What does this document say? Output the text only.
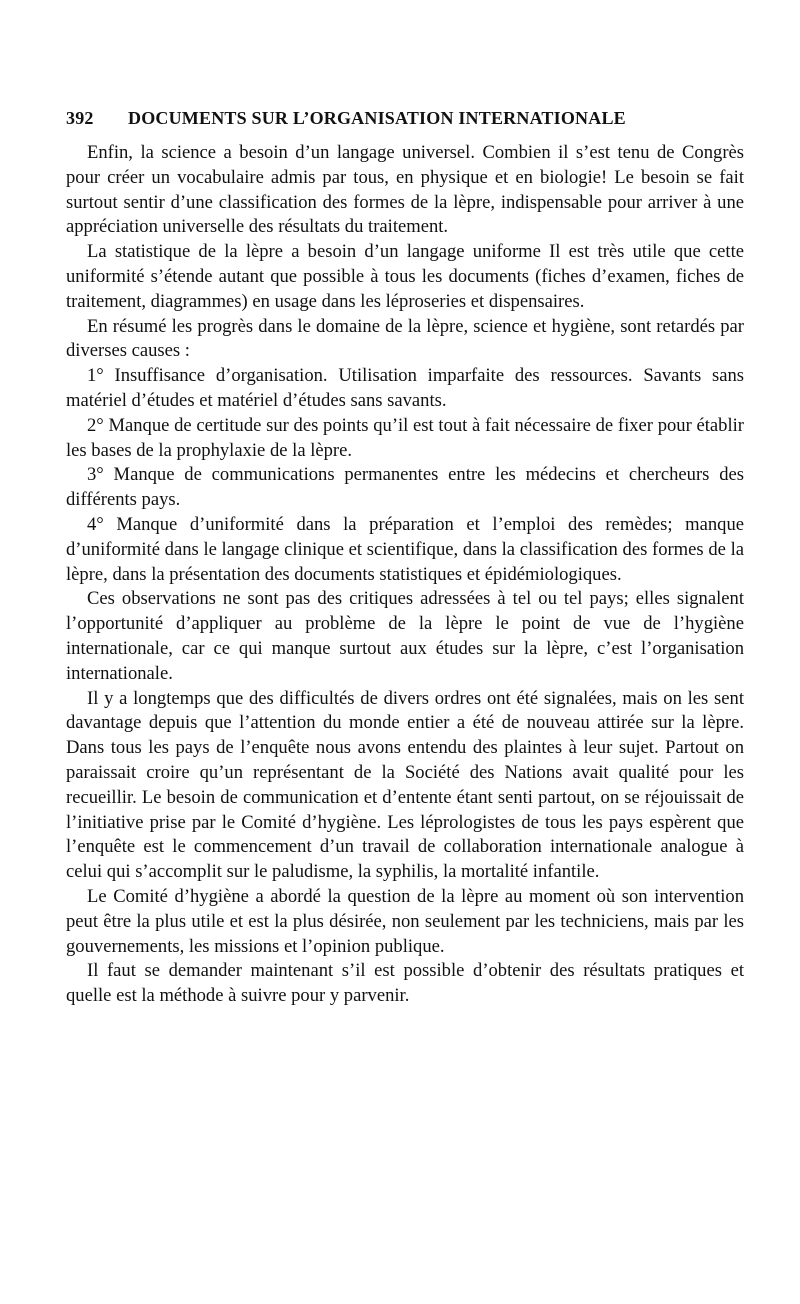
392	DOCUMENTS SUR L’ORGANISATION INTERNATIONALE

Enfin, la science a besoin d’un langage universel. Combien il s’est tenu de Congrès pour créer un vocabulaire admis par tous, en physique et en biologie! Le besoin se fait surtout sentir d’une classification des formes de la lèpre, indispensable pour arriver à une appréciation universelle des résultats du traitement.

La statistique de la lèpre a besoin d’un langage uniforme Il est très utile que cette uniformité s’étende autant que possible à tous les documents (fiches d’examen, fiches de traitement, diagrammes) en usage dans les léproseries et dispensaires.

En résumé les progrès dans le domaine de la lèpre, science et hygiène, sont retardés par diverses causes :

1° Insuffisance d’organisation. Utilisation imparfaite des ressources. Savants sans matériel d’études et matériel d’études sans savants.

2° Manque de certitude sur des points qu’il est tout à fait nécessaire de fixer pour établir les bases de la prophylaxie de la lèpre.

3° Manque de communications permanentes entre les médecins et chercheurs des différents pays.

4° Manque d’uniformité dans la préparation et l’emploi des remèdes; manque d’uniformité dans le langage clinique et scientifique, dans la classification des formes de la lèpre, dans la présentation des documents statistiques et épidémiologiques.

Ces observations ne sont pas des critiques adressées à tel ou tel pays; elles signalent l’opportunité d’appliquer au problème de la lèpre le point de vue de l’hygiène internationale, car ce qui manque surtout aux études sur la lèpre, c’est l’organisation internationale.

Il y a longtemps que des difficultés de divers ordres ont été signalées, mais on les sent davantage depuis que l’attention du monde entier a été de nouveau attirée sur la lèpre. Dans tous les pays de l’enquête nous avons entendu des plaintes à leur sujet. Partout on paraissait croire qu’un représentant de la Société des Nations avait qualité pour les recueillir. Le besoin de communication et d’entente étant senti partout, on se réjouissait de l’initiative prise par le Comité d’hygiène. Les léprologistes de tous les pays espèrent que l’enquête est le commencement d’un travail de collaboration internationale analogue à celui qui s’accomplit sur le paludisme, la syphilis, la mortalité infantile.

Le Comité d’hygiène a abordé la question de la lèpre au moment où son intervention peut être la plus utile et est la plus désirée, non seulement par les techniciens, mais par les gouvernements, les missions et l’opinion publique.

Il faut se demander maintenant s’il est possible d’obtenir des résultats pratiques et quelle est la méthode à suivre pour y parvenir.
